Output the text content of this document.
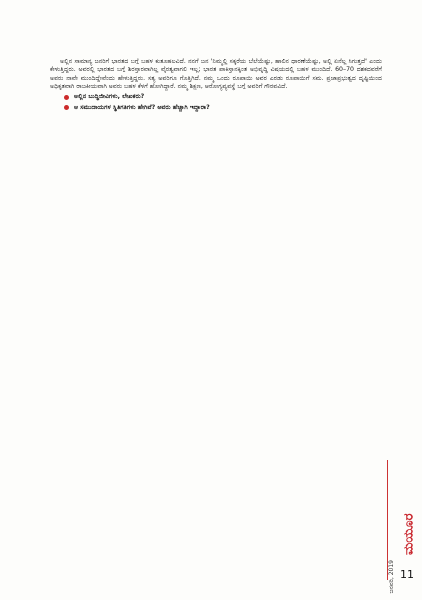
ಅಲ್ಲಿನ ಸಾಮಾನ್ಯ ಜನರಿಗೆ ಭಾರತದ ಬಗ್ಗೆ ಬಹಳ ಕುತೂಹಲವಿದೆ. ನನಗೆ ಜನ 'ನಿಮ್ಮಲ್ಲಿ ಸಕ್ಕರೆಯ ಬೆಲೆಯೆಷ್ಟು, ಹಾಲಿನ ಧಾರಣೆಯೆಷ್ಟು, ಅಲ್ಲಿ ಏನೆಲ್ಲ ಸಿಗುತ್ತದೆ' ಎಂದು ಕೇಳುತ್ತಿದ್ದರು. ಅವರಲ್ಲಿ ಭಾರತದ ಬಗ್ಗೆ ಶಿರಸ್ತಾರವಾಗಿಲ್ಲ ವೈರತ್ವವಾಗಲಿ ಇಲ್ಲ; ಭಾರತ ಪಾಕಿಸ್ತಾನಕ್ಕಿಂತ ಅಭಿವೃದ್ಧಿ ವಿಷಯದಲ್ಲಿ ಬಹಳ ಮುಂದಿದೆ. 60–70 ದಶಕದವರೆಗೆ ಅವರು ನಾವೇ ಮುಂದಿದ್ದೇವೆಂದು ಹೇಳುತ್ತಿದ್ದರು. ಸತ್ಯ ಅವರಿಗೂ ಗೊತ್ತಿಗಿದೆ. ನಮ್ಮ ಒಂದು ರೂಪಾಯಿ ಅವರ ಎರಡು ರೂಪಾಯಿಗೆ ಸಮ. ಪ್ರಜಾಪ್ರಭುತ್ವದ ದೃಷ್ಟಿಯಿಂದ ಅಧಿಕೃತವಾಗಿ ರಾಜಕೀಯವಾಗಿ ಅವರು ಬಹಳ ಕೆಳಗೆ ಹೋಗಿದ್ದಾರೆ. ನಮ್ಮ ಶಿಕ್ಷಣ, ಆರೋಗ್ಯವ್ಯವಸ್ಥೆ ಬಗ್ಗೆ ಅವರಿಗೆ ಗೌರವವಿದೆ.

ಅಲ್ಲಿನ ಬುದ್ಧಿಜೀವಿಗಳು, ಲೇಖಕರು?
ಆ ಸಮುದಾಯಗಳ ಸ್ಥಿತಿಗತಿಗಳು ಹೇಗಿವೆ? ಅವರು ಹೆಚ್ಚಾಗಿ ಇದ್ದಾರಾ?
ಮಯೂರ
ಜನವರಿ, 2019 11
